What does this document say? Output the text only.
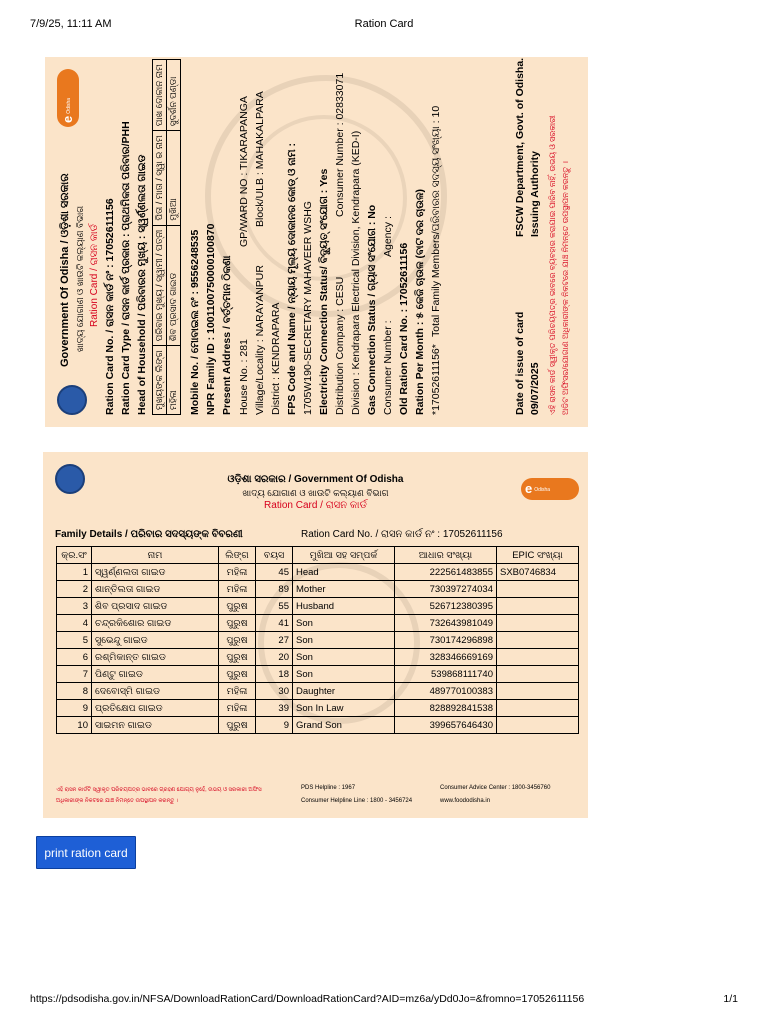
7/9/25, 11:11 AM	Ration Card
eOdisha
Government Of Odisha / ଓଡ଼ିଶା ସରକାର ଖାଦ୍ୟ ଯୋଗାଣ ଓ ଖାଉଟି କଲ୍ୟାଣ ବିଭାଗ Ration Card / ରାସନ କାର୍ଡ Ration Card No. / ରାସନ କାର୍ଡ ନଂ : 17052611156 Ration Card Type / ରାସନ କାର୍ଡ ପ୍ରକାର : ପ୍ରାଥମିକତା ପରିବାର/PHH Head of Household / ପରିବାରର ମୁଖ୍ୟ : ସ୍ୱର୍ଣ୍ଣଲତା ଗାଇଡ ମୁଖ୍ୟଙ୍କ ଲିଙ୍ଗ	ପରିବାର ମୁଖ୍ୟ / ସ୍ୱାମୀ / ପତ୍ନୀ	ପିତା / ମାତା / ସ୍ୱା ର ନାମ	ପାଖ ଦୋକାନ ନାମ
ମହିଳା	ଶିବ ପ୍ରସାଦ ଗାଇଡ	ମୁଖିଆ	ସୁଦର୍ଶନ ପଣ୍ଡା
Mobile No. / ମୋବାଇଲ ନଂ : 9556248535 NPR Family ID : 1001100750000100870 Present Address / ବର୍ତ୍ତମାନ ଠିକଣା House No. : 281
GP/WARD NO : TIKARAPANGA
Village/Locality : NARAYANPUR
Block/ULB : MAHAKALPARA
District : KENDRAPARA FPS Code and Name / ନ୍ୟାୟ ମୂଲ୍ୟ ଦୋକାନର କୋଡ୍ ଓ ନାମ : 1705W190-SECRETARY MAHAVEER WSHG Electricity Connection Status/ ବିଦ୍ୟୁତ୍ ସଂଯୋଗ : Yes Distribution Company : CESU
Consumer Number : 02833071 Division : Kendrapara Electrical Division, Kendrapara (KED-I) Gas Connection Status / ଗ୍ୟାସ ସଂଯୋଗ : No Consumer Number :
Agency :
Old Ration Card No. : 17052611156 Ration Per Month : ୫ କେଜି ଚାଉଳ (ବାଟ ଦର ଚାଉଳ) *17052611156*
Total Family Members/ପରିବାରର ସଦସ୍ୟ ସଂଖ୍ୟା : 10
Date of issue of card 09/07/2025
FSCW Department, Govt. of Odisha. Issuing Authority ଏହି ରାସନ କାର୍ଡ ସ୍ୱୀକୃତ ପରିଚୟପତ୍ର ଭାବରେ ବ୍ୟବହାର କରାଯାଇ ପାରିବ ନାହିଁ, ଉଭୟ ଓ ସରକାରୀ ଅଡିଟ ଅଫିସର/ଯୋଗାଣ ଅଧିକାରୀଙ୍କ ନିକଟରେ ଯାଞ୍ଚ ନିମନ୍ତେ ଉପସ୍ଥାପନ କରନ୍ତୁ ।
e Odisha
ଓଡ଼ିଶା ସରକାର / Government Of Odisha
ଖାଦ୍ୟ ଯୋଗାଣ ଓ ଖାଉଟି କଲ୍ୟାଣ ବିଭାଗ
Ration Card / ରାସନ କାର୍ଡ
Family Details / ପରିବାର ସଦସ୍ୟଙ୍କ ବିବରଣୀ	Ration Card No. / ରାସନ କାର୍ଡ ନଂ : 17052611156
କ୍ର.ସଂ	ନାମ	ଲିଙ୍ଗ	ବୟସ	ମୁଖିଆ ସହ ସମ୍ପର୍କ	ଆଧାର ସଂଖ୍ୟା	EPIC ସଂଖ୍ୟା
1	ସ୍ୱର୍ଣ୍ଣଲତା ଗାଇଡ	ମହିଳା	45	Head	222561483855	SXB0746834
2	ଶାନ୍ତିଲତା ଗାଇଡ	ମହିଳା	89	Mother	730397274034	
3	ଶିବ ପ୍ରସାଦ ଗାଇଡ	ପୁରୁଷ	55	Husband	526712380395	
4	ଚନ୍ଦ୍ରକିଶୋର ଗାଇଡ	ପୁରୁଷ	41	Son	732643981049	
5	ସୁଭେନ୍ଦୁ ଗାଇଡ	ପୁରୁଷ	27	Son	730174296898	
6	ରଶ୍ମିକାନ୍ତ ଗାଇଡ	ପୁରୁଷ	20	Son	328346669169	
7	ପିଣ୍ଟୁ ଗାଇଡ	ପୁରୁଷ	18	Son	539868111740	
8	ଦେବୋସ୍ମି ଗାଇଡ	ମହିଳା	30	Daughter	489770100383	
9	ପ୍ରତିକ୍ଷେପ ଗାଇଡ	ମହିଳା	39	Son In Law	828892841538	
10	ସାଇମନ ଗାଇଡ	ପୁରୁଷ	9	Grand Son	399657646430	
ଏହି ରାସନ କାର୍ଡଟି ସ୍ୱୀକୃତ ପରିଚୟପତ୍ର ଭାବରେ ଗ୍ରହଣ ଯୋଗ୍ୟ ନୁହେଁ, ଉଭୟ ଓ ସରକାରୀ ଅଫିସ
ଅଧିକାରୀଙ୍କ ନିକଟରେ ଯାଞ୍ଚ ନିମନ୍ତେ ଉପସ୍ଥାପନ କରନ୍ତୁ ।
PDS Helpline : 1967
Consumer Helpline Line : 1800 - 3456724
Consumer Advice Center : 1800-3456760
www.foododisha.in
print ration card
https://pdsodisha.gov.in/NFSA/DownloadRationCard/DownloadRationCard?AID=mz6a/yDd0Jo=&fromno=17052611156	1/1
